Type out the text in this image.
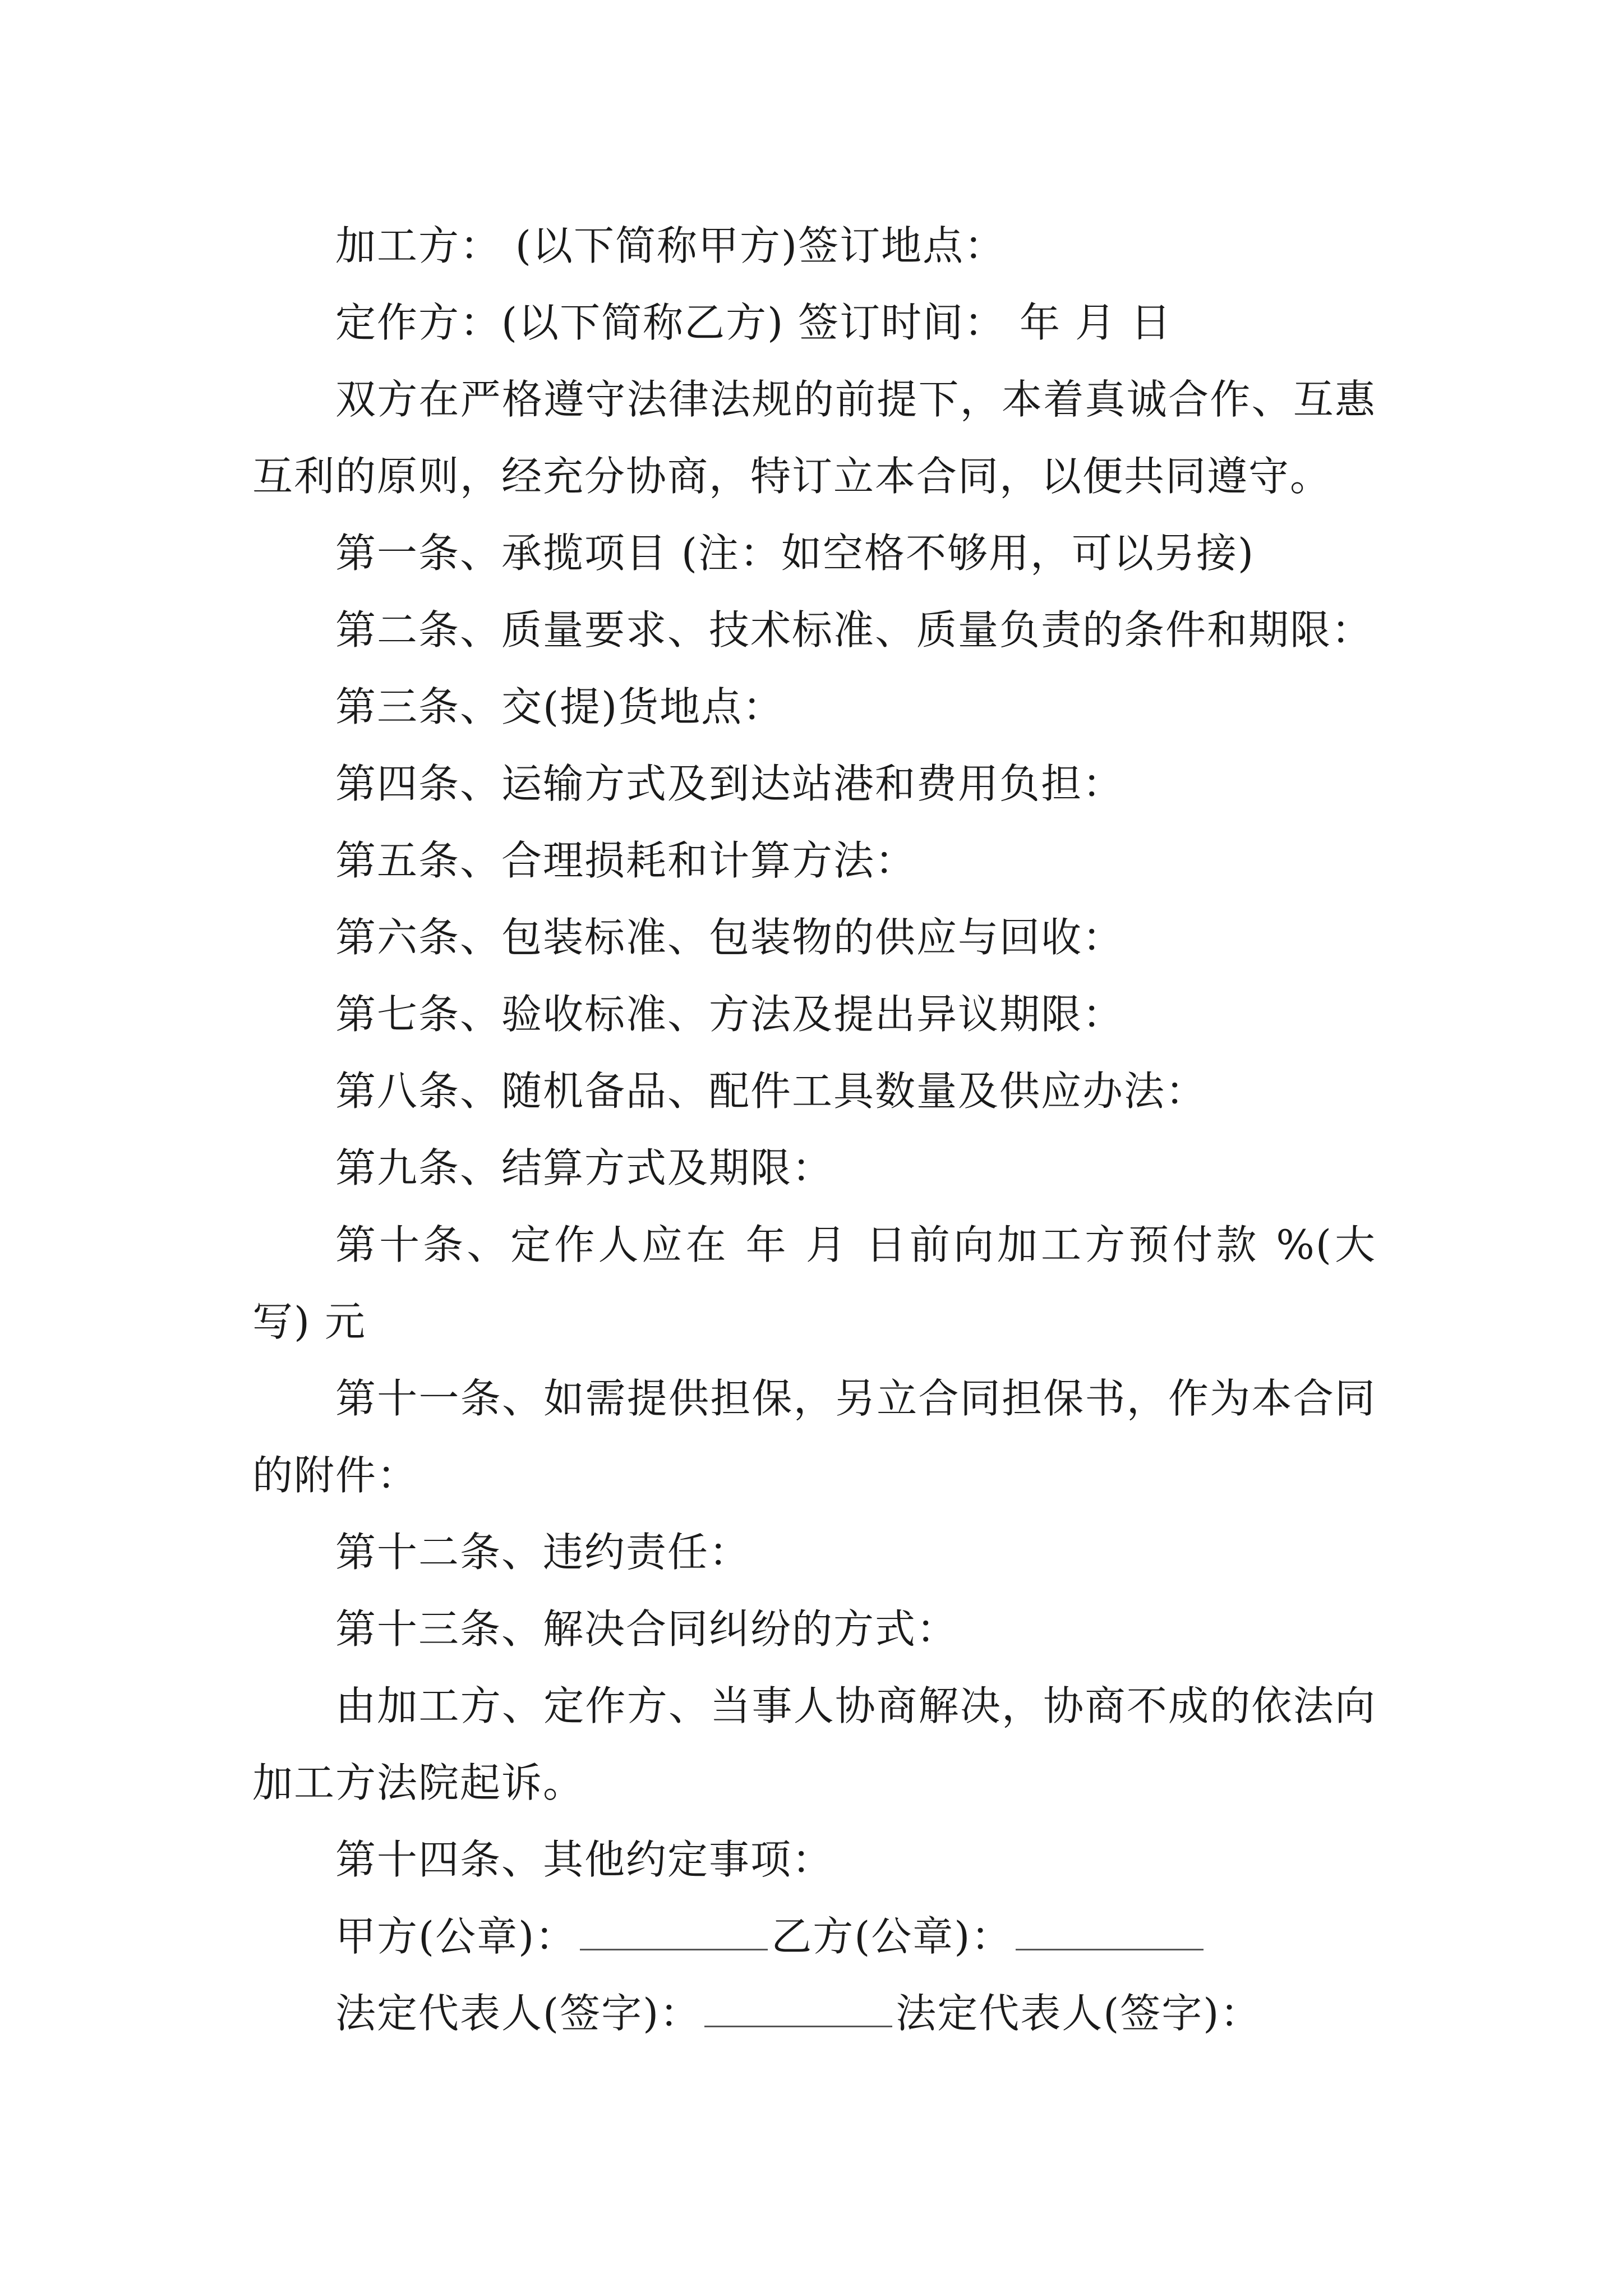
加工方： (以下简称甲方)签订地点：

定作方：(以下简称乙方) 签订时间： 年 月 日

双方在严格遵守法律法规的前提下，本着真诚合作、互惠互利的原则，经充分协商，特订立本合同，以便共同遵守。

第一条、承揽项目 (注：如空格不够用，可以另接)

第二条、质量要求、技术标准、质量负责的条件和期限：

第三条、交(提)货地点：

第四条、运输方式及到达站港和费用负担：

第五条、合理损耗和计算方法：

第六条、包装标准、包装物的供应与回收：

第七条、验收标准、方法及提出异议期限：

第八条、随机备品、配件工具数量及供应办法：

第九条、结算方式及期限：

第十条、定作人应在 年 月 日前向加工方预付款 %(大写) 元

第十一条、如需提供担保，另立合同担保书，作为本合同的附件：

第十二条、违约责任：

第十三条、解决合同纠纷的方式：

由加工方、定作方、当事人协商解决，协商不成的依法向加工方法院起诉。

第十四条、其他约定事项：

甲方(公章)：	乙方(公章)：

法定代表人(签字)：	法定代表人(签字)：
